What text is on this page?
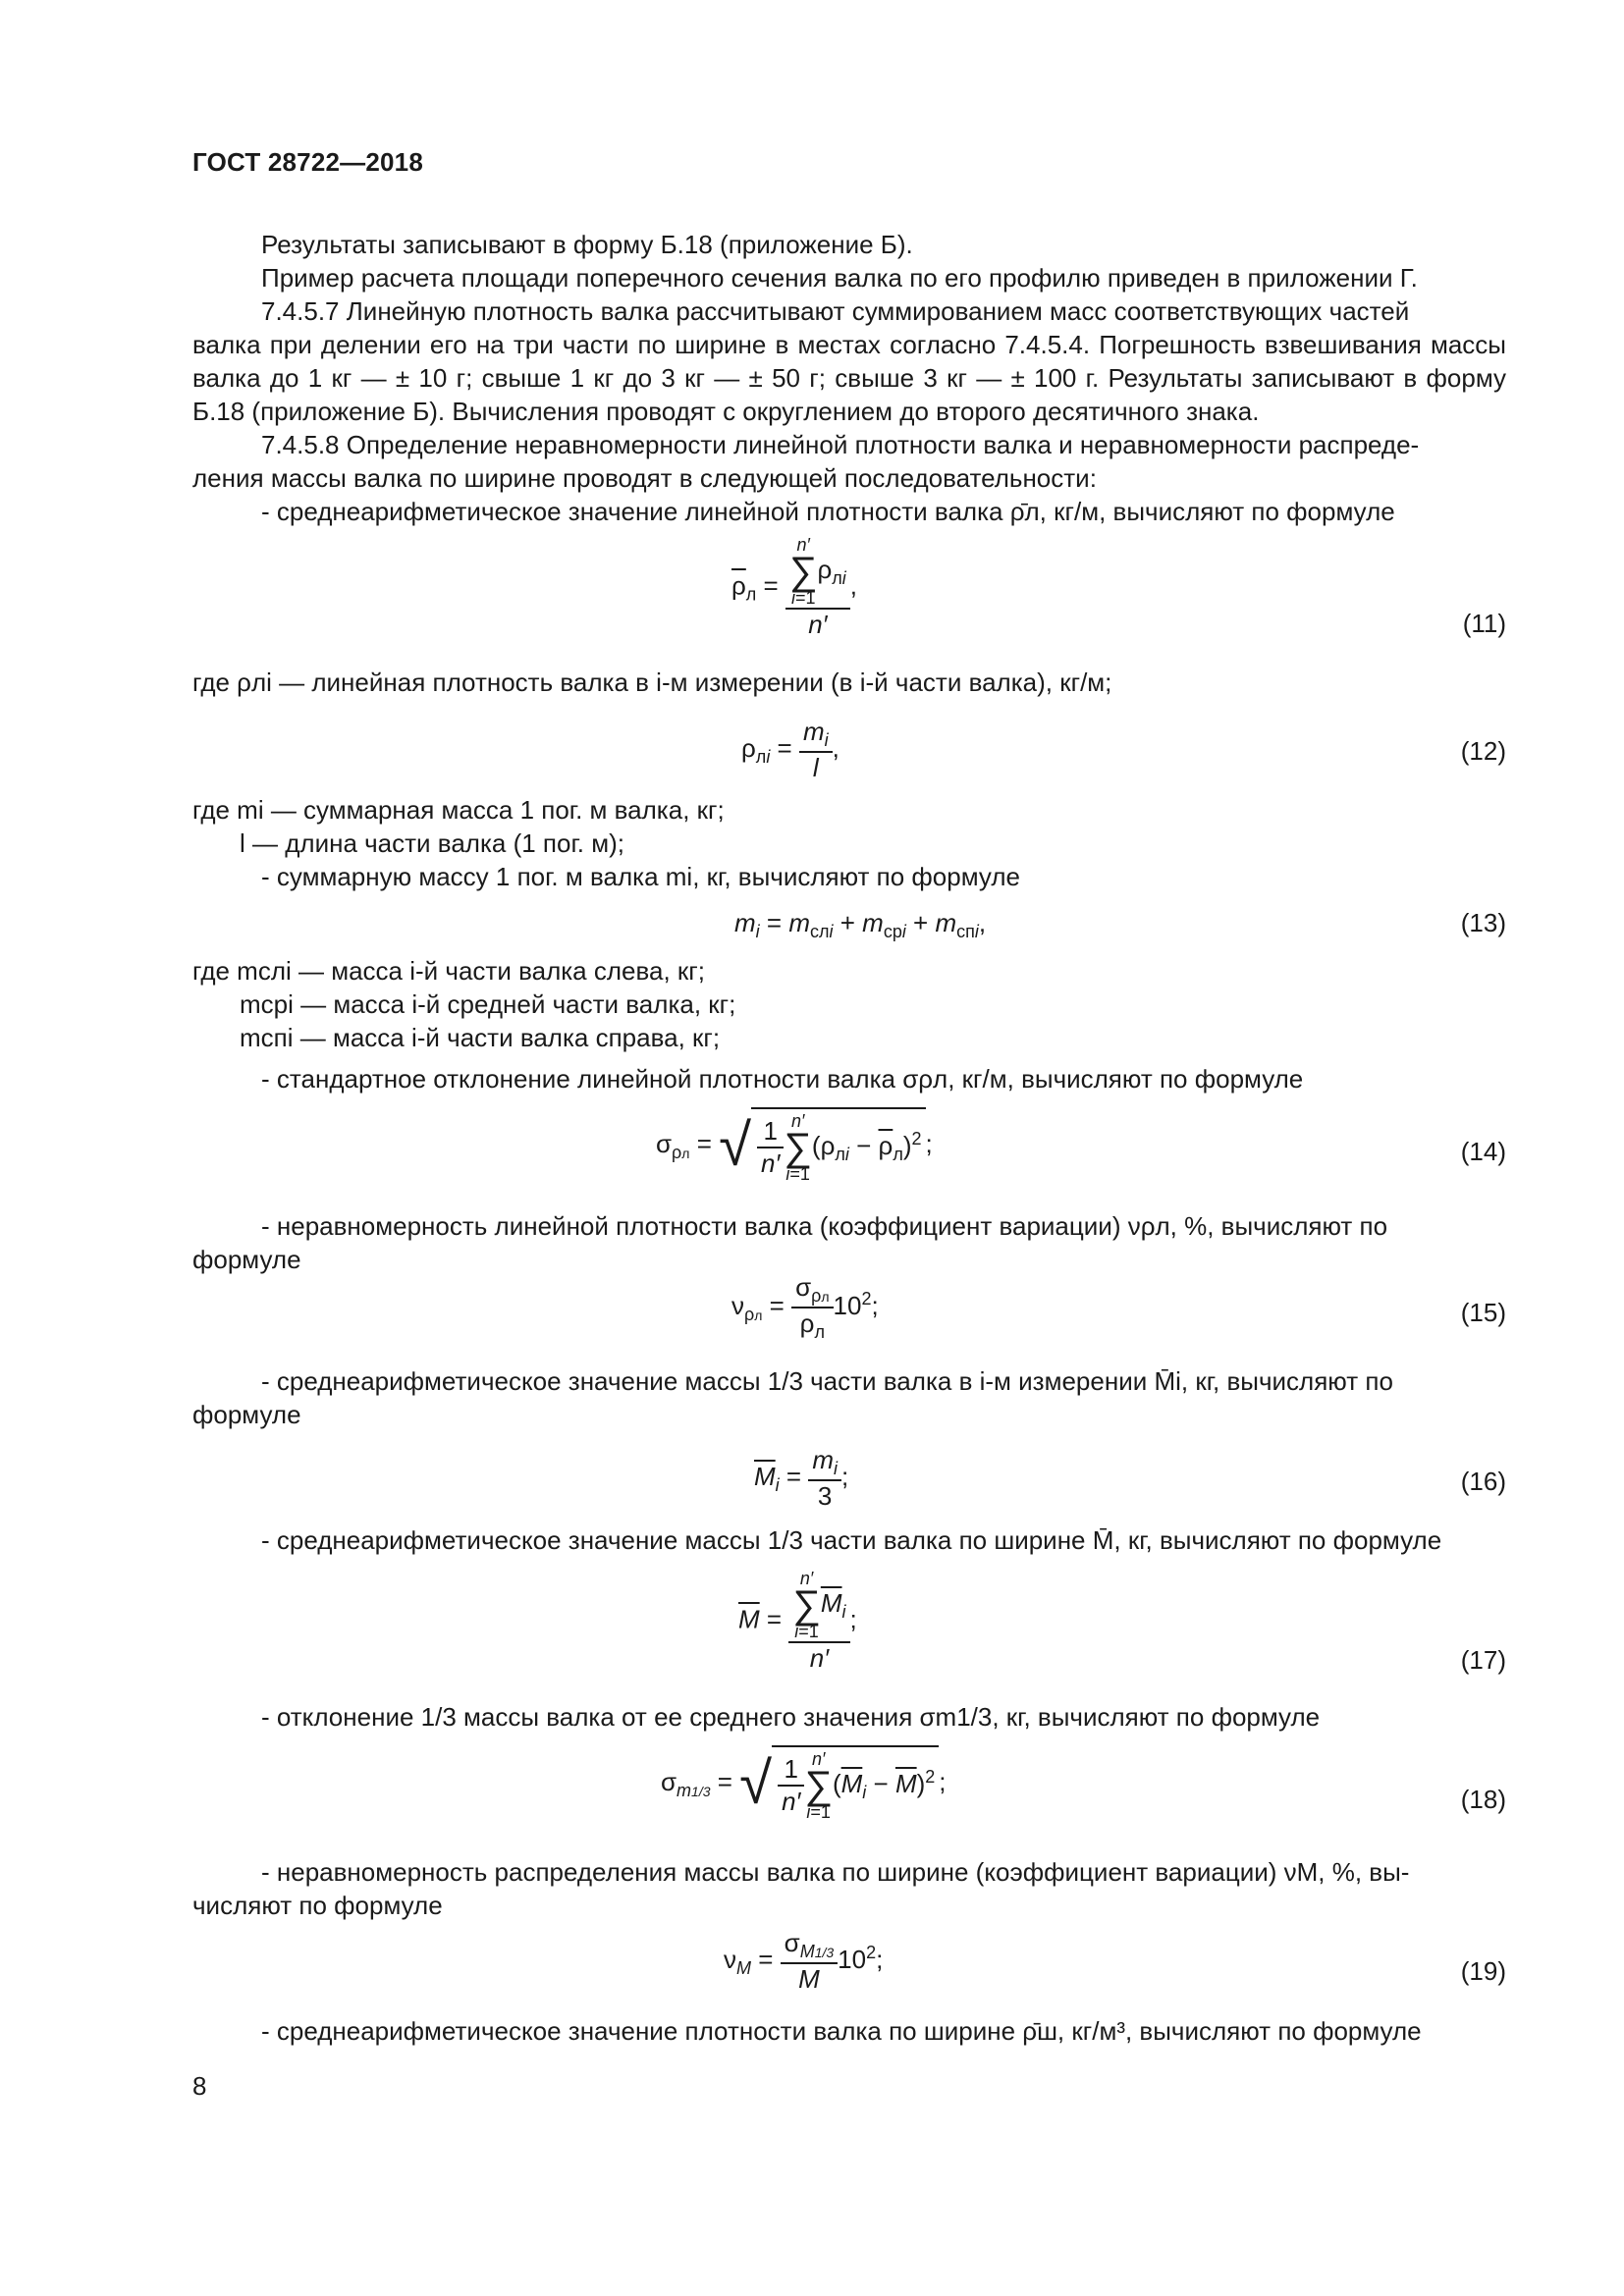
ГОСТ 28722—2018
Результаты записывают в форму Б.18 (приложение Б).
Пример расчета площади поперечного сечения валка по его профилю приведен в приложении Г.
7.4.5.7 Линейную плотность валка рассчитывают суммированием масс соответствующих частей
валка при делении его на три части по ширине в местах согласно 7.4.5.4. Погрешность взвешивания массы валка до 1 кг — ± 10 г; свыше 1 кг до 3 кг — ± 50 г; свыше 3 кг — ± 100 г. Результаты записывают в форму Б.18 (приложение Б). Вычисления проводят с округлением до второго десятичного знака.
7.4.5.8 Определение неравномерности линейной плотности валка и неравномерности распреде-
ления массы валка по ширине проводят в следующей последовательности:
- среднеарифметическое значение линейной плотности валка ρ̄л, кг/м, вычисляют по формуле
$\overline{\rho}_л = n'$
∑
$i=1\rho_{лi}$
n′ ,
(11)
где ρлi — линейная плотность валка в i-м измерении (в i-й части валка), кг/м;
$\rho_{лi} = \frac{m_i}{l}$ ,	(12)
где mi — суммарная масса 1 пог. м валка, кг;
l — длина части валка (1 пог. м);
- суммарную массу 1 пог. м валка mi, кг, вычисляют по формуле
$m_i = m_{слi} + m_{срi} + m_{спi}$,	(13)
где mслi — масса i-й части валка слева, кг;
mсрi — масса i-й средней части валка, кг;
mспi — масса i-й части валка справа, кг;
- стандартное отклонение линейной плотности валка σρл, кг/м, вычисляют по формуле
$\sigma_{\rho л}$ = √ $\frac{1}{n'} n'$
∑
$i=1(\rho_{лi} - \overline{\rho}_л)^2$ ;	(14)
- неравномерность линейной плотности валка (коэффициент вариации) νρл, %, вычисляют по
формуле
$\nu_{\rho л} = \frac{\sigma_{\rho л}}{\overline{\rho}_л} 10^2$;	(15)
- среднеарифметическое значение массы 1/3 части валка в i-м измерении M̄i, кг, вычисляют по
формуле
$\overline{M}_i = \frac{m_i}{3}$ ;	(16)
- среднеарифметическое значение массы 1/3 части валка по ширине M̄, кг, вычисляют по формуле
$\overline{M} = n'$
∑
$i=1\overline{M}_i$
n′ ;
(17)
- отклонение 1/3 массы валка от ее среднего значения σm1/3, кг, вычисляют по формуле
$\sigma_{m1/3}$ = √ $\frac{1}{n'} n'$
∑
$i=1(\overline{M}_i - \overline{M})^2$ ;
(18)
- неравномерность распределения массы валка по ширине (коэффициент вариации) νM, %, вы-
числяют по формуле
$\nu_M = \frac{\sigma_{M1/3}}{M} 10^2$;	(19)
- среднеарифметическое значение плотности валка по ширине ρ̄ш, кг/м³, вычисляют по формуле
8
